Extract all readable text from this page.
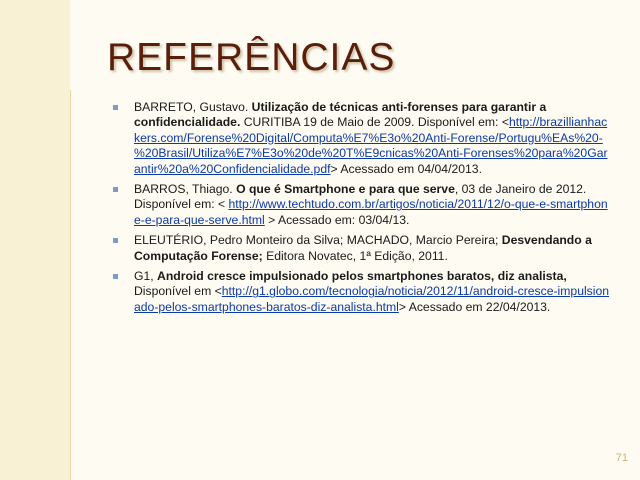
REFERÊNCIAS
BARRETO, Gustavo. Utilização de técnicas anti-forenses para garantir a confidencialidade. CURITIBA 19 de Maio de 2009. Disponível em: <http://brazillianhackers.com/Forense%20Digital/Computa%E7%E3o%20Anti-Forense/Portugu%EAs%20-%20Brasil/Utiliza%E7%E3o%20de%20T%E9cnicas%20Anti-Forenses%20para%20Garantir%20a%20Confidencialidade.pdf> Acessado em 04/04/2013.
BARROS, Thiago. O que é Smartphone e para que serve, 03 de Janeiro de 2012. Disponível em: < http://www.techtudo.com.br/artigos/noticia/2011/12/o-que-e-smartphone-e-para-que-serve.html > Acessado em: 03/04/13.
ELEUTÉRIO, Pedro Monteiro da Silva; MACHADO, Marcio Pereira; Desvendando a Computação Forense; Editora Novatec, 1ª Edição, 2011.
G1, Android cresce impulsionado pelos smartphones baratos, diz analista, Disponível em <http://g1.globo.com/tecnologia/noticia/2012/11/android-cresce-impulsionado-pelos-smartphones-baratos-diz-analista.html> Acessado em 22/04/2013.
71
